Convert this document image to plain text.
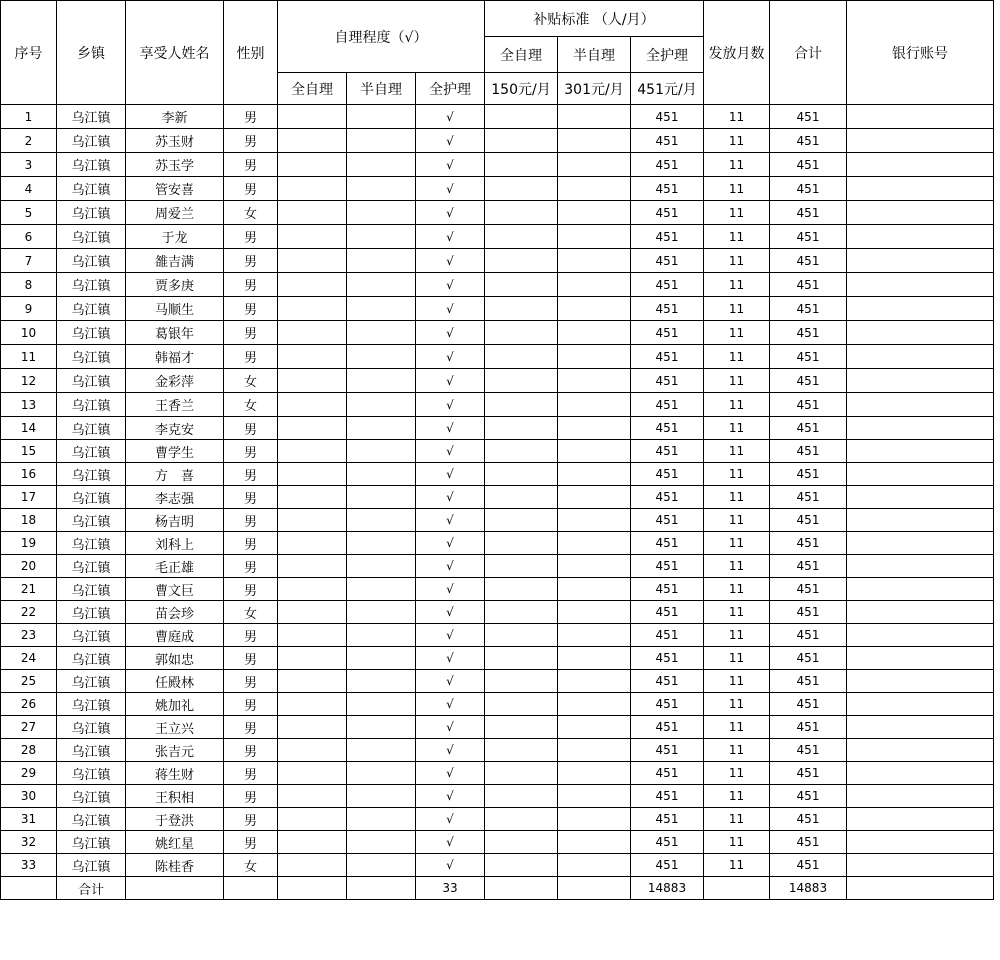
序号	乡镇	享受人姓名	性别	自理程度（√）			补贴标准 （人/月）			发放月数	合计	银行账号
							全自理	半自理	全护理			
				全自理	半自理	全护理	150元/月	301元/月	451元/月			
1	乌江镇	李新	男			√			451	11	451	
2	乌江镇	苏玉财	男			√			451	11	451	
3	乌江镇	苏玉学	男			√			451	11	451	
4	乌江镇	管安喜	男			√			451	11	451	
5	乌江镇	周爱兰	女			√			451	11	451	
6	乌江镇	于龙	男			√			451	11	451	
7	乌江镇	雒吉满	男			√			451	11	451	
8	乌江镇	贾多庚	男			√			451	11	451	
9	乌江镇	马顺生	男			√			451	11	451	
10	乌江镇	葛银年	男			√			451	11	451	
11	乌江镇	韩福才	男			√			451	11	451	
12	乌江镇	金彩萍	女			√			451	11	451	
13	乌江镇	王香兰	女			√			451	11	451	
14	乌江镇	李克安	男			√			451	11	451	
15	乌江镇	曹学生	男			√			451	11	451	
16	乌江镇	方　喜	男			√			451	11	451	
17	乌江镇	李志强	男			√			451	11	451	
18	乌江镇	杨吉明	男			√			451	11	451	
19	乌江镇	刘科上	男			√			451	11	451	
20	乌江镇	毛正雄	男			√			451	11	451	
21	乌江镇	曹文巨	男			√			451	11	451	
22	乌江镇	苗会珍	女			√			451	11	451	
23	乌江镇	曹庭成	男			√			451	11	451	
24	乌江镇	郭如忠	男			√			451	11	451	
25	乌江镇	任殿林	男			√			451	11	451	
26	乌江镇	姚加礼	男			√			451	11	451	
27	乌江镇	王立兴	男			√			451	11	451	
28	乌江镇	张吉元	男			√			451	11	451	
29	乌江镇	蒋生财	男			√			451	11	451	
30	乌江镇	王积相	男			√			451	11	451	
31	乌江镇	于登洪	男			√			451	11	451	
32	乌江镇	姚红星	男			√			451	11	451	
33	乌江镇	陈桂香	女			√			451	11	451	
	合计					33			14883		14883	
